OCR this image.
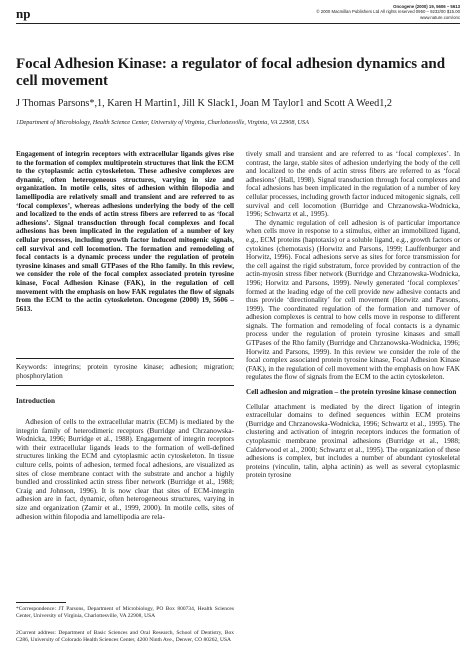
np	Oncogene (2000) 19, 5606 – 5613
© 2000 Macmillan Publishers Ltd All rights reserved 0950 – 9232/00 $15.00
www.nature.com/onc
Focal Adhesion Kinase: a regulator of focal adhesion dynamics and cell movement
J Thomas Parsons*,1, Karen H Martin1, Jill K Slack1, Joan M Taylor1 and Scott A Weed1,2
1Department of Microbiology, Health Science Center, University of Virginia, Charlottesville, Virginia, VA 22908, USA
Engagement of integrin receptors with extracellular ligands gives rise to the formation of complex multiprotein structures that link the ECM to the cytoplasmic actin cytoskeleton. These adhesive complexes are dynamic, often heterogeneous structures, varying in size and organization. In motile cells, sites of adhesion within filopodia and lamellipodia are relatively small and transient and are referred to as ‘focal complexes’, whereas adhesions underlying the body of the cell and localized to the ends of actin stress fibers are referred to as ‘focal adhesions’. Signal transduction through focal complexes and focal adhesions has been implicated in the regulation of a number of key cellular processes, including growth factor induced mitogenic signals, cell survival and cell locomotion. The formation and remodeling of focal contacts is a dynamic process under the regulation of protein tyrosine kinases and small GTPases of the Rho family. In this review, we consider the role of the focal complex associated protein tyrosine kinase, Focal Adhesion Kinase (FAK), in the regulation of cell movement with the emphasis on how FAK regulates the flow of signals from the ECM to the actin cytoskeleton. Oncogene (2000) 19, 5606 – 5613.
Keywords: integrins; protein tyrosine kinase; adhesion; migration; phosphorylation

Introduction

Adhesion of cells to the extracellular matrix (ECM) is mediated by the integrin family of heterodimeric receptors (Burridge and Chrzanowska-Wodnicka, 1996; Burridge et al., 1988). Engagement of integrin receptors with their extracellular ligands leads to the formation of well-defined structures linking the ECM and cytoplasmic actin cytoskeleton. In tissue culture cells, points of adhesion, termed focal adhesions, are visualized as sites of close membrane contact with the substrate and anchor a highly bundled and crosslinked actin stress fiber network (Burridge et al., 1988; Craig and Johnson, 1996). It is now clear that sites of ECM-integrin adhesion are in fact, dynamic, often heterogeneous structures, varying in size and organization (Zamir et al., 1999, 2000). In motile cells, sites of adhesion within filopodia and lamellipodia are rela-

*Correspondence: JT Parsons, Department of Microbiology, PO Box 800734, Health Sciences Center, University of Virginia, Charlottesville, VA 22908, USA
2Current address: Department of Basic Sciences and Oral Research, School of Dentistry, Box C286, University of Colorado Health Sciences Center, 4200 Ninth Ave., Denver, CO 80262, USA

tively small and transient and are referred to as ‘focal complexes’. In contrast, the large, stable sites of adhesion underlying the body of the cell and localized to the ends of actin stress fibers are referred to as ‘focal adhesions’ (Hall, 1998). Signal transduction through focal complexes and focal adhesions has been implicated in the regulation of a number of key cellular processes, including growth factor induced mitogenic signals, cell survival and cell locomotion (Burridge and Chrzanowska-Wodnicka, 1996; Schwartz et al., 1995).

The dynamic regulation of cell adhesion is of particular importance when cells move in response to a stimulus, either an immobilized ligand, e.g., ECM proteins (haptotaxis) or a soluble ligand, e.g., growth factors or cytokines (chemotaxis) (Horwitz and Parsons, 1999; Lauffenburger and Horwitz, 1996). Focal adhesions serve as sites for force transmission for the cell against the rigid substratum, force provided by contraction of the actin-myosin stress fiber network (Burridge and Chrzanowska-Wodnicka, 1996; Horwitz and Parsons, 1999). Newly generated ‘focal complexes’ formed at the leading edge of the cell provide new adhesive contacts and thus provide ‘directionality’ for cell movement (Horwitz and Parsons, 1999). The coordinated regulation of the formation and turnover of adhesion complexes is central to how cells move in response to different signals. The formation and remodeling of focal contacts is a dynamic process under the regulation of protein tyrosine kinases and small GTPases of the Rho family (Burridge and Chrzanowska-Wodnicka, 1996; Horwitz and Parsons, 1999). In this review we consider the role of the focal complex associated protein tyrosine kinase, Focal Adhesion Kinase (FAK), in the regulation of cell movement with the emphasis on how FAK regulates the flow of signals from the ECM to the actin cytoskeleton.

Cell adhesion and migration – the protein tyrosine kinase connection

Cellular attachment is mediated by the direct ligation of integrin extracellular domains to defined sequences within ECM proteins (Burridge and Chrzanowska-Wodnicka, 1996; Schwartz et al., 1995). The clustering and activation of integrin receptors induces the formation of cytoplasmic membrane proximal adhesions (Burridge et al., 1988; Calderwood et al., 2000; Schwartz et al., 1995). The organization of these adhesions is complex, but includes a number of abundant cytoskeletal proteins (vinculin, talin, alpha actinin) as well as several cytoplasmic protein tyrosine
